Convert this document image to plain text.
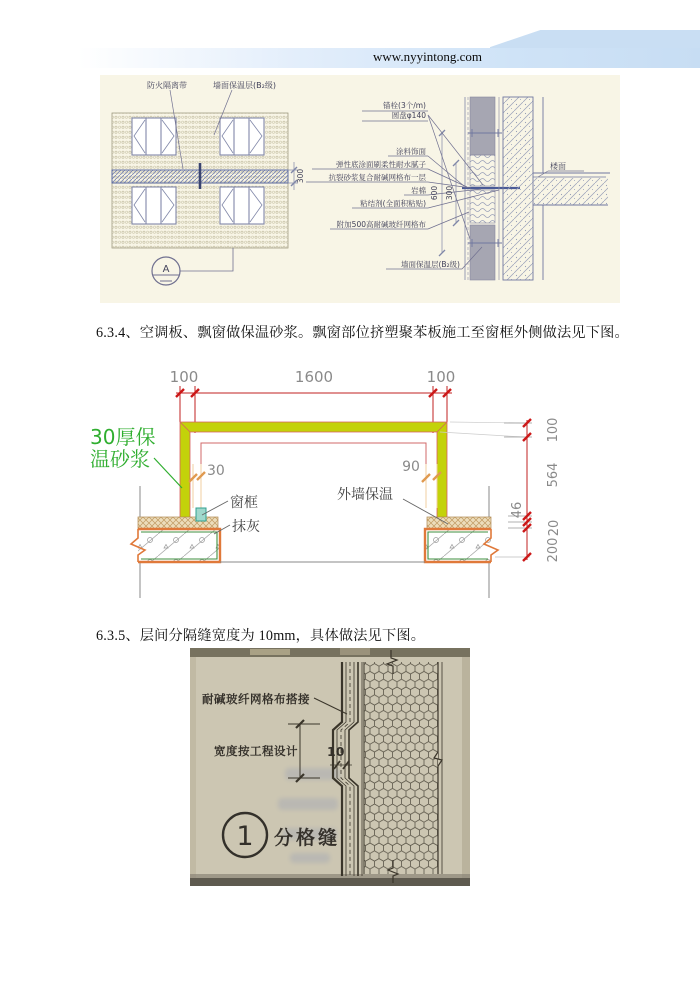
www.nyyintong.com
A
防火隔离带	墙面保温层(B₂级)
300
锚栓(3个/m)
圆盘φ140
涂料饰面
弹性底涂面刷柔性耐水腻子
抗裂砂浆复合耐碱网格布一层
岩棉
粘结剂(全面积粘贴)
附加500高耐碱玻纤网格布
墙面保温层(B₂级)
楼面
600 300
6.3.4、空调板、飘窗做保温砂浆。飘窗部位挤塑聚苯板施工至窗框外侧做法见下图。
100	1600	100
30	90
30厚保
温砂浆
窗框
抹灰
外墙保温
100
564
46
20
200
6.3.5、层间分隔缝宽度为 10mm，具体做法见下图。
耐碱玻纤网格布搭接
宽度按工程设计 10
1 分格缝
